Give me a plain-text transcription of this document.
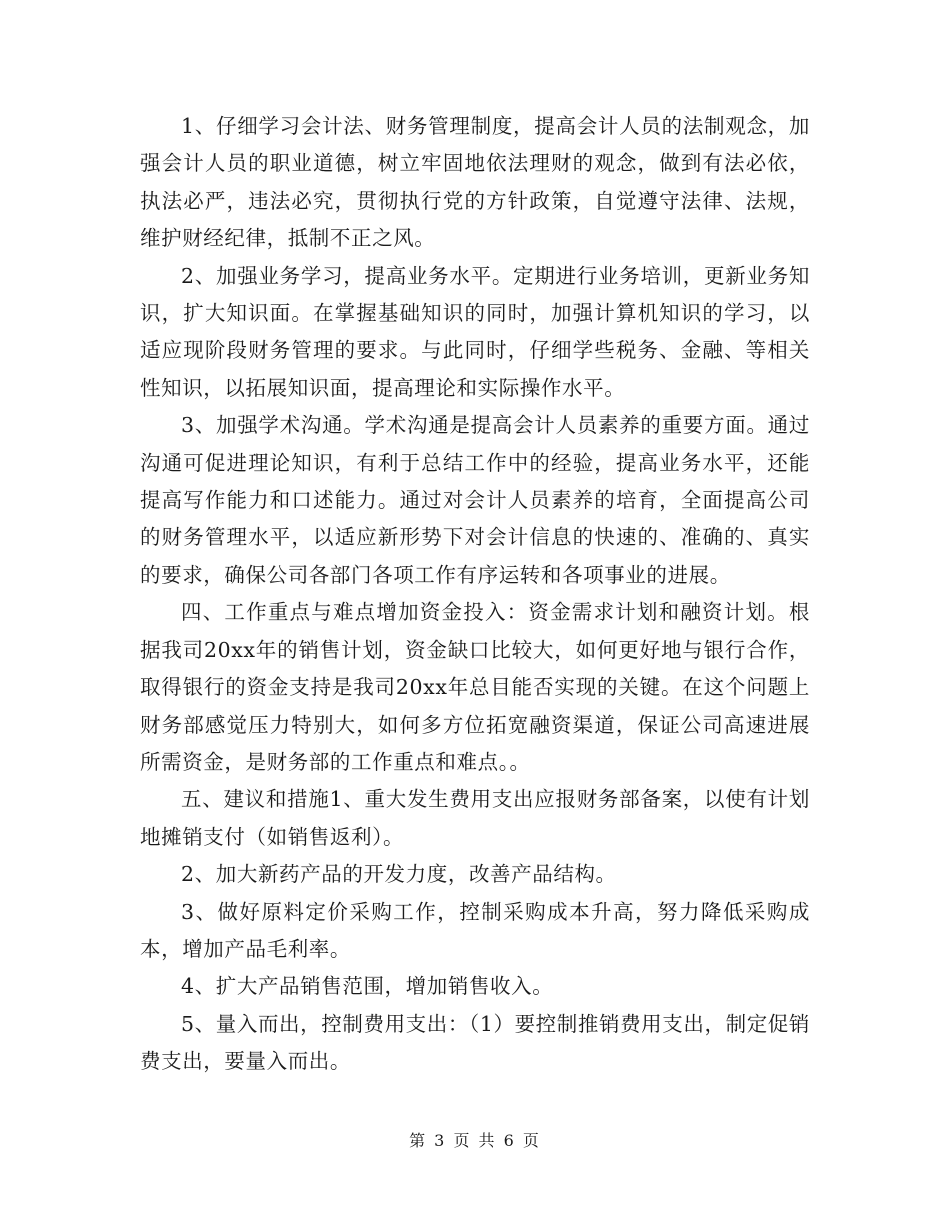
1、仔细学习会计法、财务管理制度，提高会计人员的法制观念，加强会计人员的职业道德，树立牢固地依法理财的观念，做到有法必依，执法必严，违法必究，贯彻执行党的方针政策，自觉遵守法律、法规，维护财经纪律，抵制不正之风。

2、加强业务学习，提高业务水平。定期进行业务培训，更新业务知识，扩大知识面。在掌握基础知识的同时，加强计算机知识的学习，以适应现阶段财务管理的要求。与此同时，仔细学些税务、金融、等相关性知识，以拓展知识面，提高理论和实际操作水平。

3、加强学术沟通。学术沟通是提高会计人员素养的重要方面。通过沟通可促进理论知识，有利于总结工作中的经验，提高业务水平，还能提高写作能力和口述能力。通过对会计人员素养的培育，全面提高公司的财务管理水平，以适应新形势下对会计信息的快速的、准确的、真实的要求，确保公司各部门各项工作有序运转和各项事业的进展。

四、工作重点与难点增加资金投入：资金需求计划和融资计划。根据我司20xx年的销售计划，资金缺口比较大，如何更好地与银行合作，取得银行的资金支持是我司20xx年总目能否实现的关键。在这个问题上财务部感觉压力特别大，如何多方位拓宽融资渠道，保证公司高速进展所需资金，是财务部的工作重点和难点。。

五、建议和措施1、重大发生费用支出应报财务部备案，以使有计划地摊销支付（如销售返利）。

2、加大新药产品的开发力度，改善产品结构。

3、做好原料定价采购工作，控制采购成本升高，努力降低采购成本，增加产品毛利率。

4、扩大产品销售范围，增加销售收入。

5、量入而出，控制费用支出：（1）要控制推销费用支出，制定促销费支出，要量入而出。

第 3 页 共 6 页
